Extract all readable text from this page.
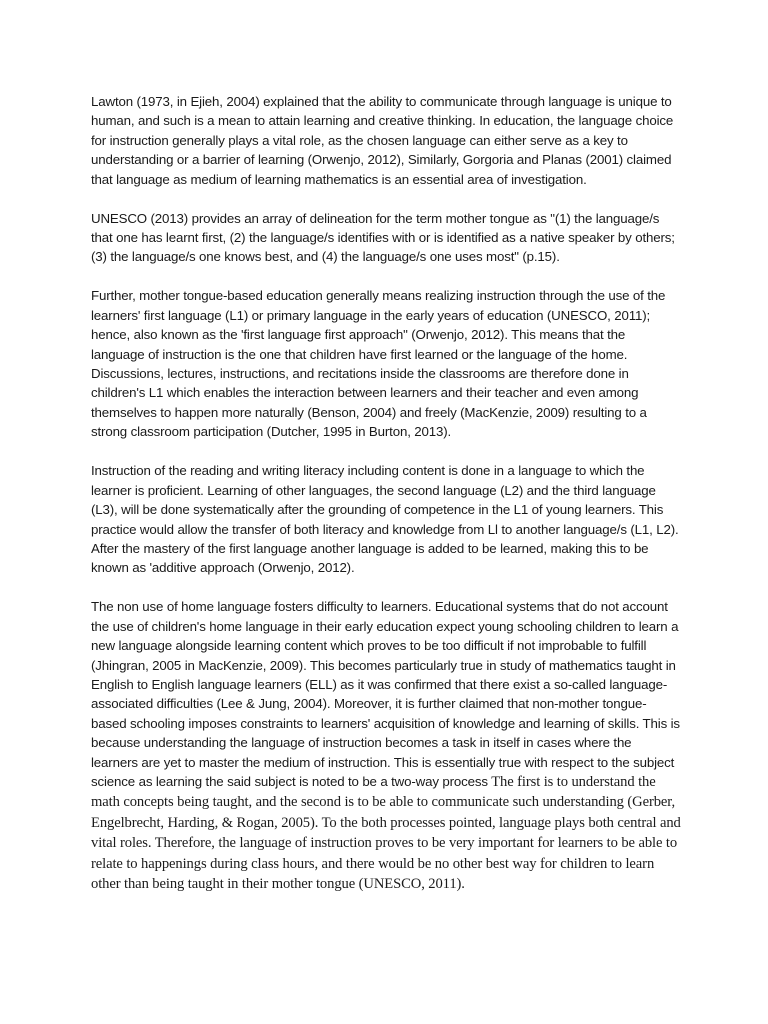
Lawton (1973, in Ejieh, 2004) explained that the ability to communicate through language is unique to human, and such is a mean to attain learning and creative thinking. In education, the language choice for instruction generally plays a vital role, as the chosen language can either serve as a key to understanding or a barrier of learning (Orwenjo, 2012), Similarly, Gorgoria and Planas (2001) claimed that language as medium of learning mathematics is an essential area of investigation.

UNESCO (2013) provides an array of delineation for the term mother tongue as "(1) the language/s that one has learnt first, (2) the language/s identifies with or is identified as a native speaker by others; (3) the language/s one knows best, and (4) the language/s one uses most" (p.15).

Further, mother tongue-based education generally means realizing instruction through the use of the learners' first language (L1) or primary language in the early years of education (UNESCO, 2011); hence, also known as the 'first language first approach" (Orwenjo, 2012). This means that the language of instruction is the one that children have first learned or the language of the home. Discussions, lectures, instructions, and recitations inside the classrooms are therefore done in children's L1 which enables the interaction between learners and their teacher and even among themselves to happen more naturally (Benson, 2004) and freely (MacKenzie, 2009) resulting to a strong classroom participation (Dutcher, 1995 in Burton, 2013).

Instruction of the reading and writing literacy including content is done in a language to which the learner is proficient. Learning of other languages, the second language (L2) and the third language (L3), will be done systematically after the grounding of competence in the L1 of young learners. This practice would allow the transfer of both literacy and knowledge from Ll to another language/s (L1, L2). After the mastery of the first language another language is added to be learned, making this to be known as 'additive approach (Orwenjo, 2012).

The non use of home language fosters difficulty to learners. Educational systems that do not account the use of children's home language in their early education expect young schooling children to learn a new language alongside learning content which proves to be too difficult if not improbable to fulfill (Jhingran, 2005 in MacKenzie, 2009). This becomes particularly true in study of mathematics taught in English to English language learners (ELL) as it was confirmed that there exist a so-called language-associated difficulties (Lee & Jung, 2004). Moreover, it is further claimed that non-mother tongue-based schooling imposes constraints to learners' acquisition of knowledge and learning of skills. This is because understanding the language of instruction becomes a task in itself in cases where the learners are yet to master the medium of instruction. This is essentially true with respect to the subject science as learning the said subject is noted to be a two-way process The first is to understand the math concepts being taught, and the second is to be able to communicate such understanding (Gerber, Engelbrecht, Harding, & Rogan, 2005). To the both processes pointed, language plays both central and vital roles. Therefore, the language of instruction proves to be very important for learners to be able to relate to happenings during class hours, and there would be no other best way for children to learn other than being taught in their mother tongue (UNESCO, 2011).
